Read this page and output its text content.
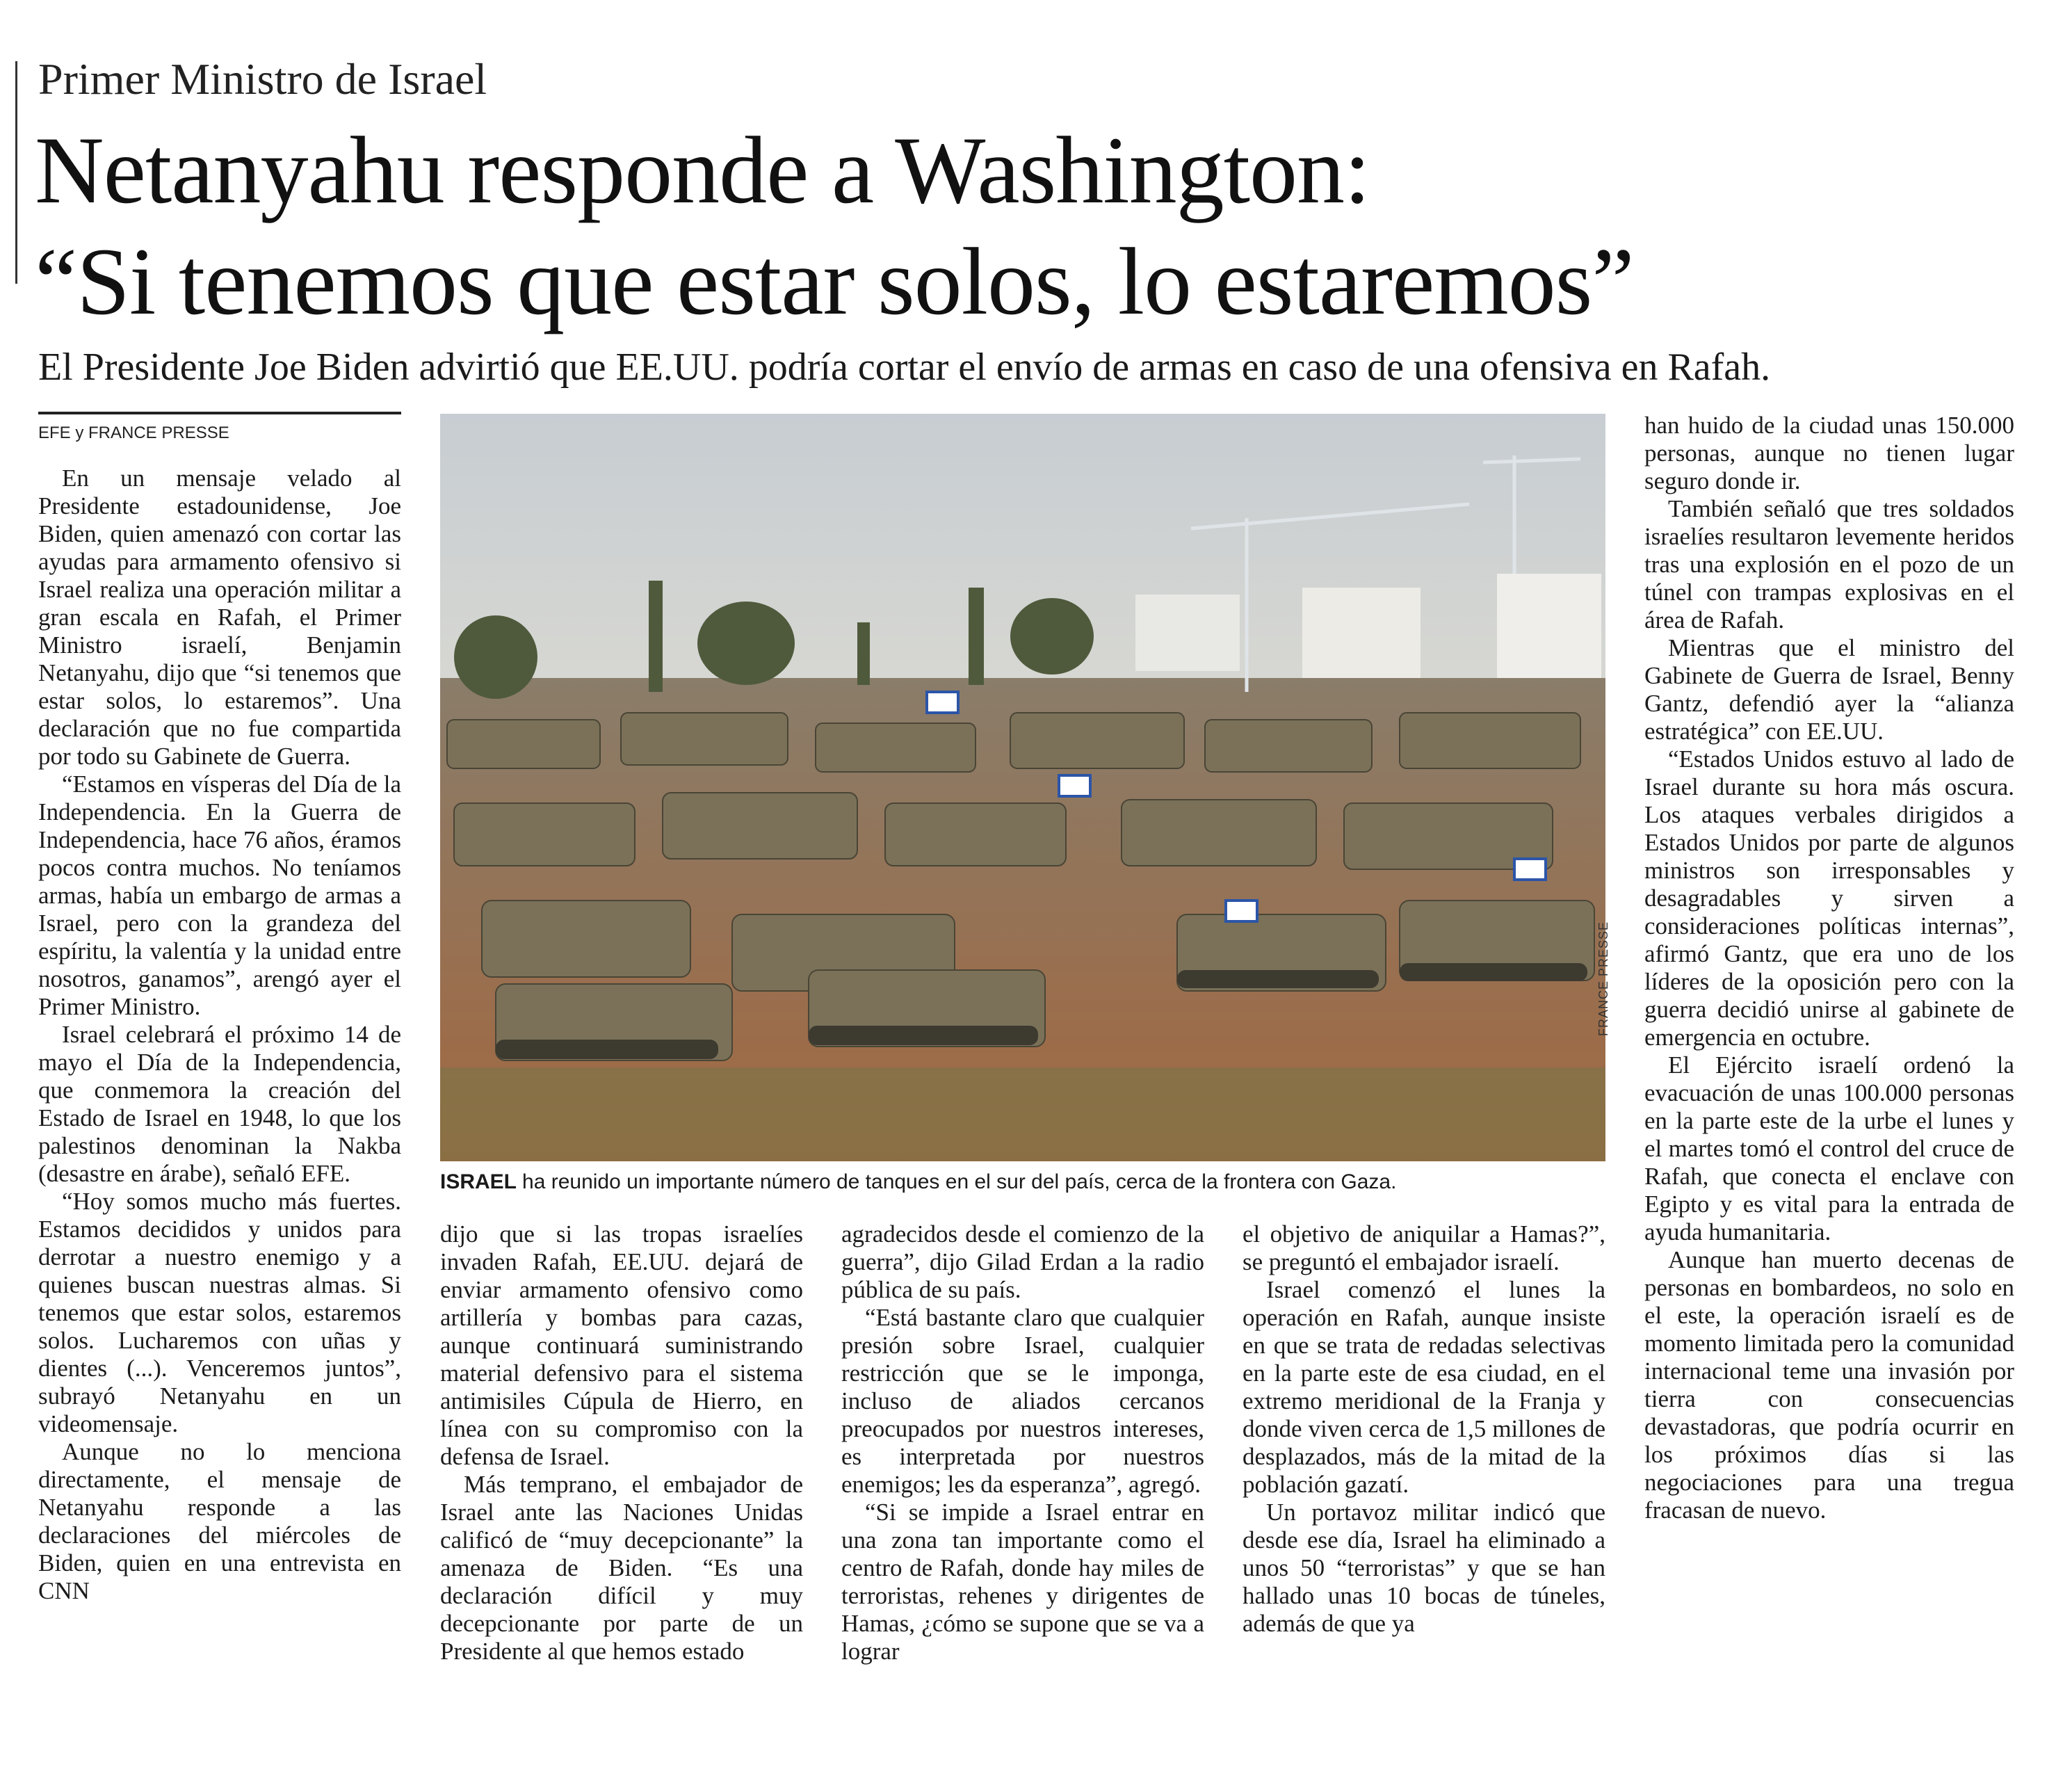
Primer Ministro de Israel
Netanyahu responde a Washington:
“Si tenemos que estar solos, lo estaremos”
El Presidente Joe Biden advirtió que EE.UU. podría cortar el envío de armas en caso de una ofensiva en Rafah.
EFE y FRANCE PRESSE

En un mensaje velado al Presidente estadounidense, Joe Biden, quien amenazó con cortar las ayudas para armamento ofensivo si Israel realiza una operación militar a gran escala en Rafah, el Primer Ministro israelí, Benjamin Netanyahu, dijo que “si tenemos que estar solos, lo estaremos”. Una declaración que no fue compartida por todo su Gabinete de Guerra.

“Estamos en vísperas del Día de la Independencia. En la Guerra de Independencia, hace 76 años, éramos pocos contra muchos. No teníamos armas, había un embargo de armas a Israel, pero con la grandeza del espíritu, la valentía y la unidad entre nosotros, ganamos”, arengó ayer el Primer Ministro.

Israel celebrará el próximo 14 de mayo el Día de la Independencia, que conmemora la creación del Estado de Israel en 1948, lo que los palestinos denominan la Nakba (desastre en árabe), señaló EFE.

“Hoy somos mucho más fuertes. Estamos decididos y unidos para derrotar a nuestro enemigo y a quienes buscan nuestras almas. Si tenemos que estar solos, estaremos solos. Lucharemos con uñas y dientes (...). Venceremos juntos”, subrayó Netanyahu en un videomensaje.

Aunque no lo menciona directamente, el mensaje de Netanyahu responde a las declaraciones del miércoles de Biden, quien en una entrevista en CNN

FRANCE PRESSE
ISRAEL ha reunido un importante número de tanques en el sur del país, cerca de la frontera con Gaza.

dijo que si las tropas israelíes invaden Rafah, EE.UU. dejará de enviar armamento ofensivo como artillería y bombas para cazas, aunque continuará suministrando material defensivo para el sistema antimisiles Cúpula de Hierro, en línea con su compromiso con la defensa de Israel.

Más temprano, el embajador de Israel ante las Naciones Unidas calificó de “muy decepcionante” la amenaza de Biden. “Es una declaración difícil y muy decepcionante por parte de un Presidente al que hemos estado

agradecidos desde el comienzo de la guerra”, dijo Gilad Erdan a la radio pública de su país.

“Está bastante claro que cualquier presión sobre Israel, cualquier restricción que se le imponga, incluso de aliados cercanos preocupados por nuestros intereses, es interpretada por nuestros enemigos; les da esperanza”, agregó.

“Si se impide a Israel entrar en una zona tan importante como el centro de Rafah, donde hay miles de terroristas, rehenes y dirigentes de Hamas, ¿cómo se supone que se va a lograr

el objetivo de aniquilar a Hamas?”, se preguntó el embajador israelí.

Israel comenzó el lunes la operación en Rafah, aunque insiste en que se trata de redadas selectivas en la parte este de esa ciudad, en el extremo meridional de la Franja y donde viven cerca de 1,5 millones de desplazados, más de la mitad de la población gazatí.

Un portavoz militar indicó que desde ese día, Israel ha eliminado a unos 50 “terroristas” y que se han hallado unas 10 bocas de túneles, además de que ya

han huido de la ciudad unas 150.000 personas, aunque no tienen lugar seguro donde ir.

También señaló que tres soldados israelíes resultaron levemente heridos tras una explosión en el pozo de un túnel con trampas explosivas en el área de Rafah.

Mientras que el ministro del Gabinete de Guerra de Israel, Benny Gantz, defendió ayer la “alianza estratégica” con EE.UU.

“Estados Unidos estuvo al lado de Israel durante su hora más oscura. Los ataques verbales dirigidos a Estados Unidos por parte de algunos ministros son irresponsables y desagradables y sirven a consideraciones políticas internas”, afirmó Gantz, que era uno de los líderes de la oposición pero con la guerra decidió unirse al gabinete de emergencia en octubre.

El Ejército israelí ordenó la evacuación de unas 100.000 personas en la parte este de la urbe el lunes y el martes tomó el control del cruce de Rafah, que conecta el enclave con Egipto y es vital para la entrada de ayuda humanitaria.

Aunque han muerto decenas de personas en bombardeos, no solo en el este, la operación israelí es de momento limitada pero la comunidad internacional teme una invasión por tierra con consecuencias devastadoras, que podría ocurrir en los próximos días si las negociaciones para una tregua fracasan de nuevo.
